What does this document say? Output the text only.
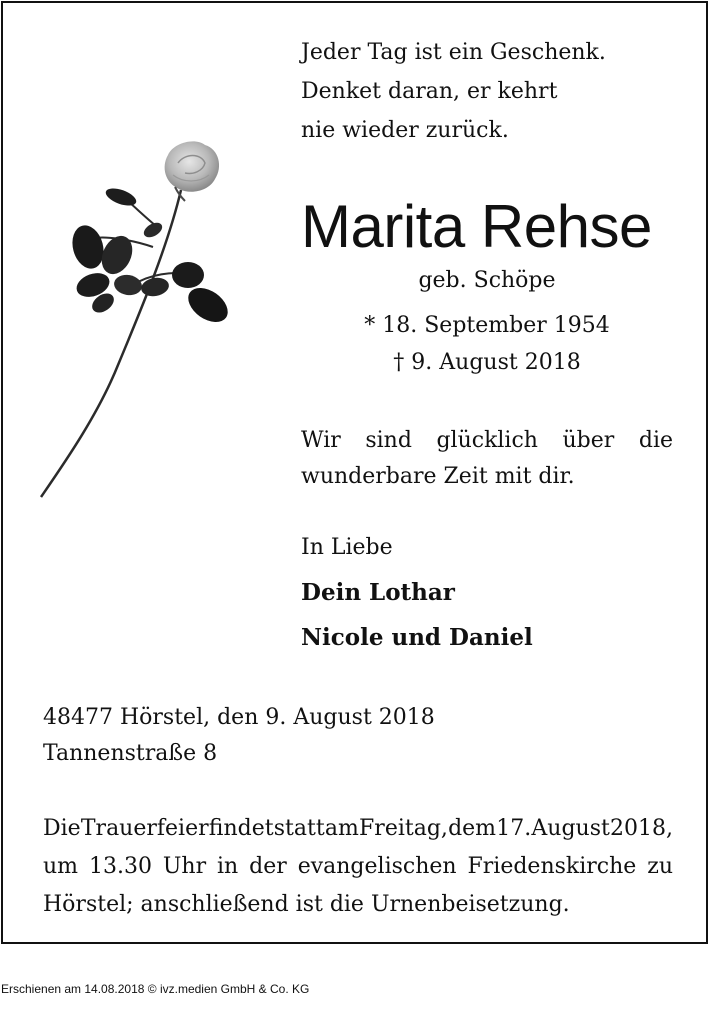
Jeder Tag ist ein Geschenk.
Denket daran, er kehrt
nie wieder zurück.
Marita Rehse
geb. Schöpe
* 18. September 1954
† 9. August 2018
Wir sind glücklich über die
wunderbare Zeit mit dir.
In Liebe
Dein Lothar
Nicole und Daniel
48477 Hörstel, den 9. August 2018
Tannenstraße 8
Die Trauerfeier findet statt am Freitag, dem 17. August 2018,
um 13.30 Uhr in der evangelischen Friedenskirche zu
Hörstel; anschließend ist die Urnenbeisetzung.
Erschienen am 14.08.2018 © ivz.medien GmbH & Co. KG
